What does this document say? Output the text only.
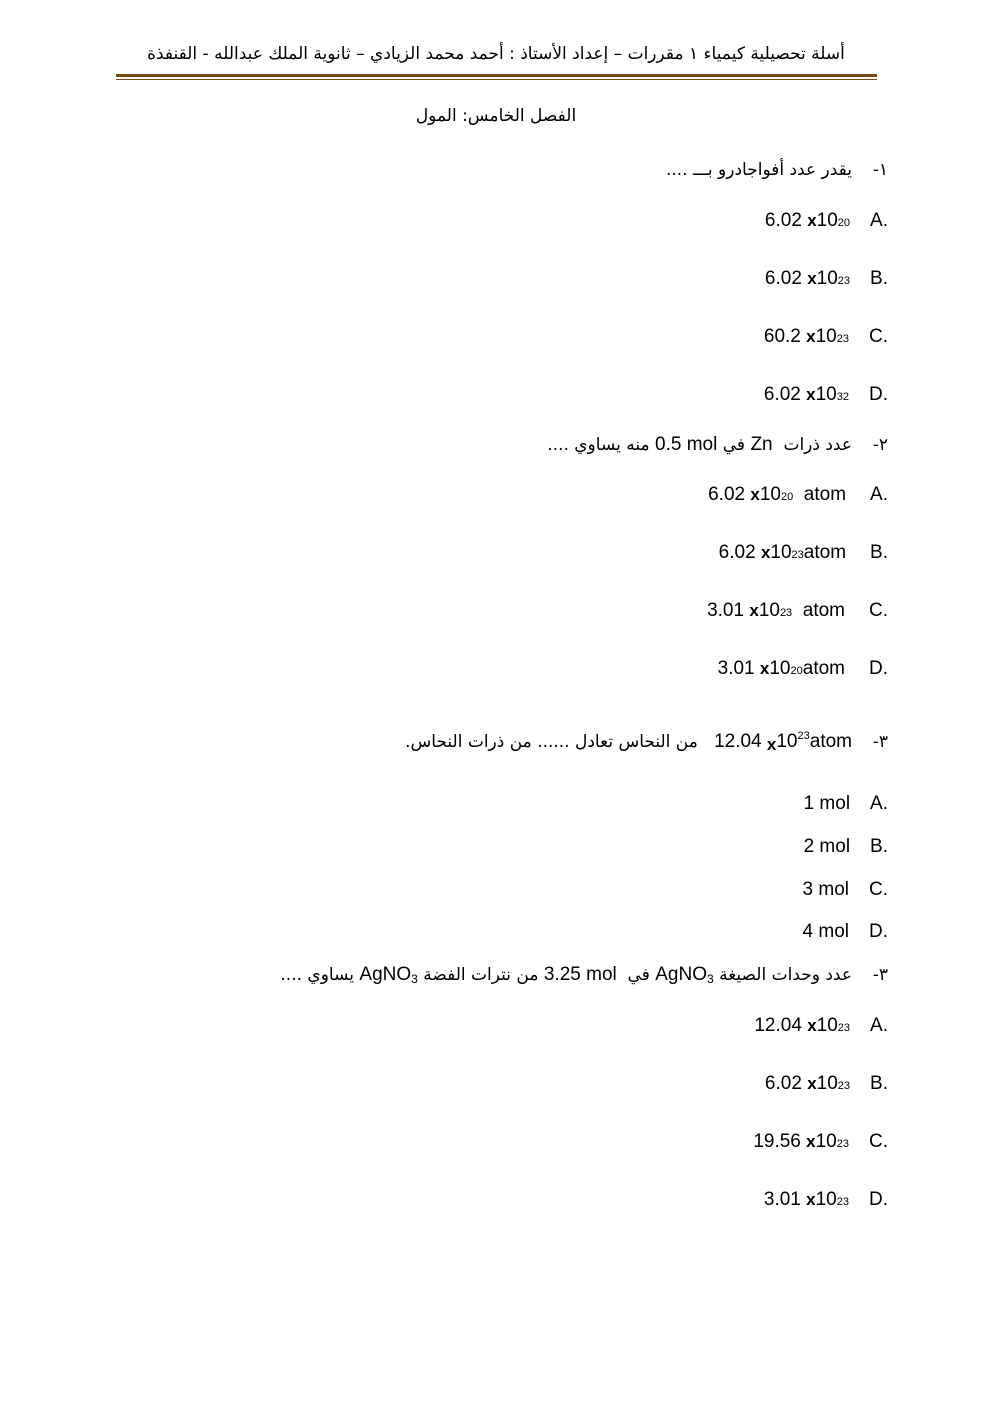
أسلة تحصيلية كيمياء ١ مقررات – إعداد الأستاذ : أحمد محمد الزيادي – ثانوية الملك عبدالله - القنفذة
الفصل الخامس: المول
١-
يقدر عدد أفواجادرو بـــ ....
6.02
x 10 20 A.
6.02
x 10 23 B.
60.2
x 10 23 C.
6.02
x 10 32 D.
٢-
عدد ذرات  Zn في 0.5 mol منه يساوي ....
6.02
x 10 20
atom A.
6.02
x 10 23 atom B.
3.01
x 10 23
atom C.
3.01
x 10 20 atom D.
٣-
12.04 $x10^{23}atom$   من النحاس تعادل ...... من ذرات النحاس.
1 mol A.
2 mol B.
3 mol C.
4 mol D.
٣-
عدد وحدات الصيغة AgNO$_3$ في  3.25 mol من نترات الفضة AgNO$_3$ يساوي ....
12.04
x 10 23 A.
6.02
x 10 23 B.
19.56
x 10 23 C.
3.01
x 10 23 D.
